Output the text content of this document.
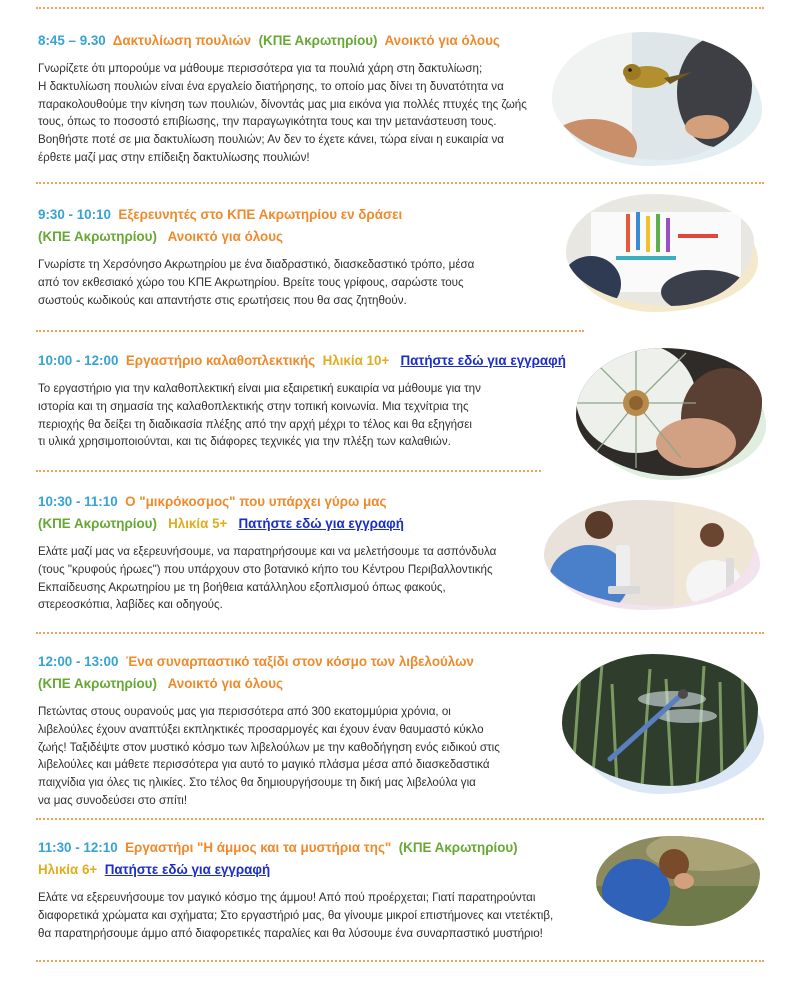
8:45 – 9.30 Δακτυλίωση πουλιών (ΚΠΕ Ακρωτηρίου) Ανοικτό για όλους

Γνωρίζετε ότι μπορούμε να μάθουμε περισσότερα για τα πουλιά χάρη στη δακτυλίωση;

Η δακτυλίωση πουλιών είναι ένα εργαλείο διατήρησης, το οποίο μας δίνει τη δυνατότητα να

παρακολουθούμε την κίνηση των πουλιών, δίνοντάς μας μια εικόνα για πολλές πτυχές της ζωής

τους, όπως το ποσοστό επιβίωσης, την παραγωγικότητα τους και την μετανάστευση τους.

Βοηθήστε ποτέ σε μια δακτυλίωση πουλιών; Αν δεν το έχετε κάνει, τώρα είναι η ευκαιρία να

έρθετε μαζί μας στην επίδειξη δακτυλίωσης πουλιών!

9:30 - 10:10 Εξερευνητές στο ΚΠΕ Ακρωτηρίου εν δράσει
(ΚΠΕ Ακρωτηρίου) Ανοικτό για όλους

Γνωρίστε τη Χερσόνησο Ακρωτηρίου με ένα διαδραστικό, διασκεδαστικό τρόπο, μέσα

από τον εκθεσιακό χώρο του ΚΠΕ Ακρωτηρίου. Βρείτε τους γρίφους, σαρώστε τους

σωστούς κωδικούς και απαντήστε στις ερωτήσεις που θα σας ζητηθούν.

10:00 - 12:00 Εργαστήριο καλαθοπλεκτικής Ηλικία 10+ Πατήστε εδώ για εγγραφή

Το εργαστήριο για την καλαθοπλεκτική είναι μια εξαιρετική ευκαιρία να μάθουμε για την

ιστορία και τη σημασία της καλαθοπλεκτικής στην τοπική κοινωνία. Μια τεχνίτρια της

περιοχής θα δείξει τη διαδικασία πλέξης από την αρχή μέχρι το τέλος και θα εξηγήσει

τι υλικά χρησιμοποιούνται, και τις διάφορες τεχνικές για την πλέξη των καλαθιών.

10:30 - 11:10 Ο "μικρόκοσμος" που υπάρχει γύρω μας
(ΚΠΕ Ακρωτηρίου) Ηλικία 5+ Πατήστε εδώ για εγγραφή

Ελάτε μαζί μας να εξερευνήσουμε, να παρατηρήσουμε και να μελετήσουμε τα ασπόνδυλα

(τους "κρυφούς ήρωες") που υπάρχουν στο βοτανικό κήπο του Κέντρου Περιβαλλοντικής

Εκπαίδευσης Ακρωτηρίου με τη βοήθεια κατάλληλου εξοπλισμού όπως φακούς,

στερεοσκόπια, λαβίδες και οδηγούς.

12:00 - 13:00 Ένα συναρπαστικό ταξίδι στον κόσμο των λιβελούλων
(ΚΠΕ Ακρωτηρίου) Ανοικτό για όλους

Πετώντας στους ουρανούς μας για περισσότερα από 300 εκατομμύρια χρόνια, οι

λιβελούλες έχουν αναπτύξει εκπληκτικές προσαρμογές και έχουν έναν θαυμαστό κύκλο

ζωής! Ταξιδέψτε στον μυστικό κόσμο των λιβελούλων με την καθοδήγηση ενός ειδικού στις

λιβελούλες και μάθετε περισσότερα για αυτό το μαγικό πλάσμα μέσα από διασκεδαστικά

παιχνίδια για όλες τις ηλικίες. Στο τέλος θα δημιουργήσουμε τη δική μας λιβελούλα για

να μας συνοδεύσει στο σπίτι!

11:30 - 12:10 Εργαστήρι "Η άμμος και τα μυστήρια της" (ΚΠΕ Ακρωτηρίου)
Ηλικία 6+ Πατήστε εδώ για εγγραφή

Ελάτε να εξερευνήσουμε τον μαγικό κόσμο της άμμου! Από πού προέρχεται; Γιατί παρατηρούνται

διαφορετικά χρώματα και σχήματα; Στο εργαστήριό μας, θα γίνουμε μικροί επιστήμονες και ντετέκτιβ,

θα παρατηρήσουμε άμμο από διαφορετικές παραλίες και θα λύσουμε ένα συναρπαστικό μυστήριο!
